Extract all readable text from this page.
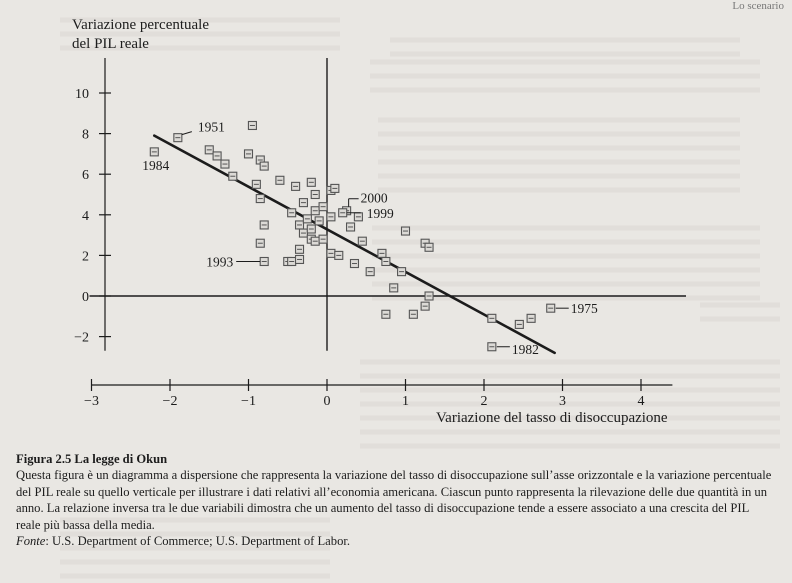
Lo scenario
−2
0
2
4
6
8
10
−3	−2	−1	0	1	2	3	4
1984
1951
1993
2000
1999
1975
1982
Variazione percentuale
del PIL reale
Variazione del tasso di disoccupazione
Figura 2.5 La legge di Okun
Questa figura è un diagramma a dispersione che rappresenta la variazione del tasso di disoccupazione sull’asse orizzontale e la variazione percentuale del PIL reale su quello verticale per illustrare i dati relativi all’economia americana. Ciascun punto rappresenta la rilevazione delle due quantità in un anno. La relazione inversa tra le due variabili dimostra che un aumento del tasso di disoccupazione tende a essere associato a una crescita del PIL reale più bassa della media.
Fonte: U.S. Department of Commerce; U.S. Department of Labor.
